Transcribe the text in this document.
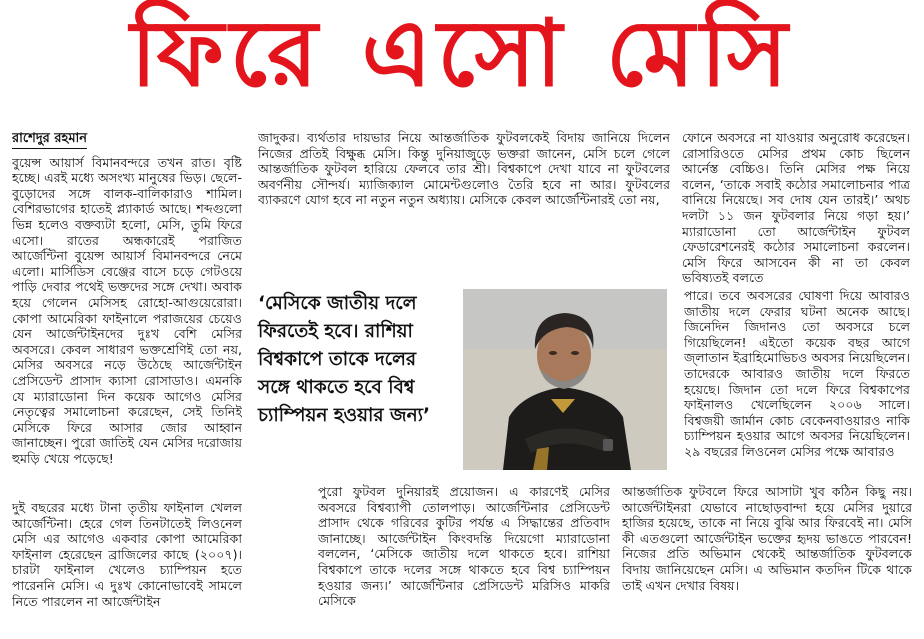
ফিরে এসো মেসি
রাশেদুর রহমান

বুয়েন্স আয়ার্স বিমানবন্দরে তখন রাত। বৃষ্টি হচ্ছে। এরই মধ্যে অসংখ্য মানুষের ভিড়। ছেলে-বুড়োদের সঙ্গে বালক-বালিকারাও শামিল। বেশিরভাগের হাতেই প্ল্যাকার্ড আছে। শব্দগুলো ভিন্ন হলেও বক্তব্যটা হলো, মেসি, তুমি ফিরে এসো। রাতের অন্ধকারেই পরাজিত আর্জেন্টিনা বুয়েন্স আয়ার্স বিমানবন্দরে নেমে এলো। মার্সিডিস বেঞ্জের বাসে চড়ে গেটওয়ে পাড়ি দেবার পথেই ভক্তদের সঙ্গে দেখা। অবাক হয়ে গেলেন মেসিসহ রোহো-আগুয়েরোরা। কোপা আমেরিকা ফাইনালে পরাজয়ের চেয়েও যেন আর্জেন্টাইনদের দুঃখ বেশি মেসির অবসরে। কেবল সাধারণ ভক্তশ্রেণিই তো নয়, মেসির অবসরে নড়ে উঠেছে আর্জেন্টাইন প্রেসিডেন্ট প্রাসাদ ক্যাসা রোসাডাও। এমনকি যে ম্যারাডোনা দিন কয়েক আগেও মেসির নেতৃত্বের সমালোচনা করেছেন, সেই তিনিই মেসিকে ফিরে আসার জোর আহ্বান জানাচ্ছেন। পুরো জাতিই যেন মেসির দরোজায় হুমড়ি খেয়ে পড়েছে!

দুই বছরের মধ্যে টানা তৃতীয় ফাইনাল খেলল আর্জেন্টিনা। হেরে গেল তিনটাতেই লিওনেল মেসি এর আগেও একবার কোপা আমেরিকা ফাইনাল হেরেছেন ব্রাজিলের কাছে (২০০৭)। চারটা ফাইনাল খেলেও চ্যাম্পিয়ন হতে পারেননি মেসি। এ দুঃখ কোনোভাবেই সামলে নিতে পারলেন না আর্জেন্টাইন

জাদুকর। ব্যর্থতার দায়ভার নিয়ে আন্তর্জাতিক ফুটবলকেই বিদায় জানিয়ে দিলেন নিজের প্রতিই বিক্ষুব্ধ মেসি। কিন্তু দুনিয়াজুড়ে ভক্তরা জানেন, মেসি চলে গেলে আন্তর্জাতিক ফুটবল হারিয়ে ফেলবে তার শ্রী। বিশ্বকাপে দেখা যাবে না ফুটবলের অবর্ণনীয় সৌন্দর্য। ম্যাজিক্যাল মোমেন্টগুলোও তৈরি হবে না আর। ফুটবলের ব্যাকরণে যোগ হবে না নতুন নতুন অধ্যায়। মেসিকে কেবল আর্জেন্টিনারই তো নয়,

‘মেসিকে জাতীয় দলে ফিরতেই হবে। রাশিয়া বিশ্বকাপে তাকে দলের সঙ্গে থাকতে হবে বিশ্ব চ্যাম্পিয়ন হওয়ার জন্য’

পুরো ফুটবল দুনিয়ারই প্রয়োজন। এ কারণেই মেসির অবসরে বিশ্বব্যাপী তোলপাড়। আর্জেন্টিনার প্রেসিডেন্ট প্রাসাদ থেকে গরিবের কুটির পর্যন্ত এ সিদ্ধান্তের প্রতিবাদ জানাচ্ছে। আর্জেন্টাইন কিংবদন্তি দিয়েগো ম্যারাডোনা বললেন, ‘মেসিকে জাতীয় দলে থাকতে হবে। রাশিয়া বিশ্বকাপে তাকে দলের সঙ্গে থাকতে হবে বিশ্ব চ্যাম্পিয়ন হওয়ার জন্য।’ আর্জেন্টিনার প্রেসিডেন্ট মরিসিও মাকরি মেসিকে

ফোনে অবসরে না যাওয়ার অনুরোধ করেছেন। রোসারিওতে মেসির প্রথম কোচ ছিলেন আর্নেস্ত বেচ্চিও। তিনি মেসির পক্ষ নিয়ে বলেন, ‘তাকে সবাই কঠোর সমালোচনার পাত্র বানিয়ে নিয়েছে। সব দোষ যেন তারই।’ অথচ দলটা ১১ জন ফুটবলার নিয়ে গড়া হয়।’ ম্যারাডোনা তো আর্জেন্টাইন ফুটবল ফেডারেশনেরই কঠোর সমালোচনা করলেন। মেসি ফিরে আসবেন কী না তা কেবল ভবিষ্যতই বলতে

পারে। তবে অবসরের ঘোষণা দিয়ে আবারও জাতীয় দলে ফেরার ঘটনা অনেক আছে। জিনেদিন জিদানও তো অবসরে চলে গিয়েছিলেন! এইতো কয়েক বছর আগে জ্লাতান ইব্রাহিমোভিচও অবসর নিয়েছিলেন। তাদেরকে আবারও জাতীয় দলে ফিরতে হয়েছে। জিদান তো দলে ফিরে বিশ্বকাপের ফাইনালও খেলেছিলেন ২০০৬ সালে। বিশ্বজয়ী জার্মান কোচ বেকেনবাওয়ারও নাকি চ্যাম্পিয়ন হওয়ার আগে অবসর নিয়েছিলেন। ২৯ বছরের লিওনেল মেসির পক্ষে আবারও

আন্তর্জাতিক ফুটবলে ফিরে আসাটা খুব কঠিন কিছু নয়। আর্জেন্টাইনরা যেভাবে নাছোড়বান্দা হয়ে মেসির দুয়ারে হাজির হয়েছে, তাকে না নিয়ে বুঝি আর ফিরবেই না। মেসি কী এতগুলো আর্জেন্টাইন ভক্তের হৃদয় ভাঙতে পারবেন! নিজের প্রতি অভিমান থেকেই আন্তর্জাতিক ফুটবলকে বিদায় জানিয়েছেন মেসি। এ অভিমান কতদিন টিকে থাকে তাই এখন দেখার বিষয়।
